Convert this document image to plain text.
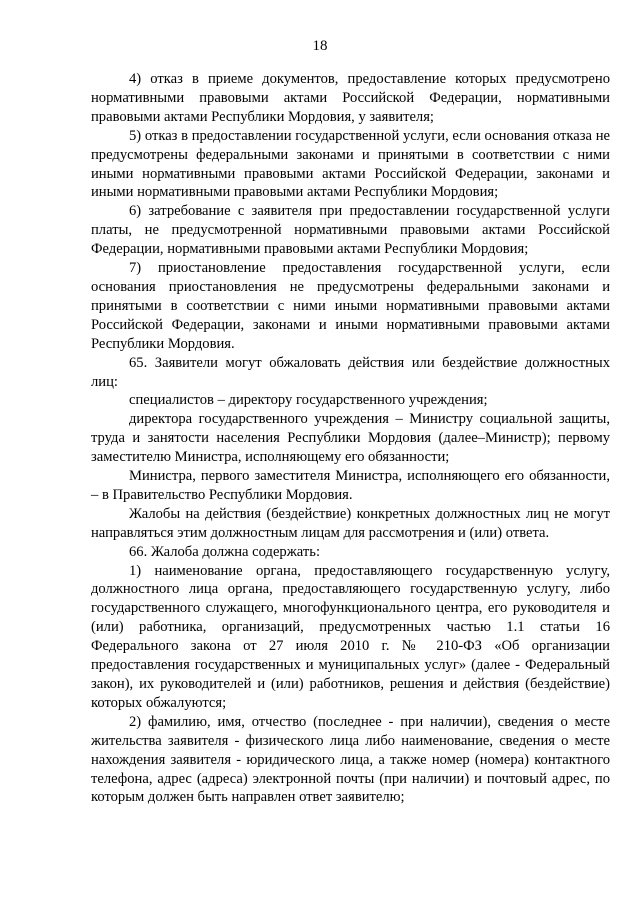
18

4) отказ в приеме документов, предоставление которых предусмотрено нормативными правовыми актами Российской Федерации, нормативными правовыми актами Республики Мордовия, у заявителя;

5) отказ в предоставлении государственной услуги, если основания отказа не предусмотрены федеральными законами и принятыми в соответствии с ними иными нормативными правовыми актами Российской Федерации, законами и иными нормативными правовыми актами Республики Мордовия;

6) затребование с заявителя при предоставлении государственной услуги платы, не предусмотренной нормативными правовыми актами Российской Федерации, нормативными правовыми актами Республики Мордовия;

7) приостановление предоставления государственной услуги, если основания приостановления не предусмотрены федеральными законами и принятыми в соответствии с ними иными нормативными правовыми актами Российской Федерации, законами и иными нормативными правовыми актами Республики Мордовия.

65. Заявители могут обжаловать действия или бездействие должностных лиц:

специалистов – директору государственного учреждения;

директора государственного учреждения – Министру социальной защиты, труда и занятости населения Республики Мордовия (далее–Министр); первому заместителю Министра, исполняющему его обязанности;

Министра, первого заместителя Министра, исполняющего его обязанности, – в Правительство Республики Мордовия.

Жалобы на действия (бездействие) конкретных должностных лиц не могут направляться этим должностным лицам для рассмотрения и (или) ответа.

66. Жалоба должна содержать:

1) наименование органа, предоставляющего государственную услугу, должностного лица органа, предоставляющего государственную услугу, либо государственного служащего, многофункционального центра, его руководителя и (или) работника, организаций, предусмотренных частью 1.1 статьи 16 Федерального закона от 27 июля 2010 г. № 210-ФЗ «Об организации предоставления государственных и муниципальных услуг» (далее - Федеральный закон), их руководителей и (или) работников, решения и действия (бездействие) которых обжалуются;

2) фамилию, имя, отчество (последнее - при наличии), сведения о месте жительства заявителя - физического лица либо наименование, сведения о месте нахождения заявителя - юридического лица, а также номер (номера) контактного телефона, адрес (адреса) электронной почты (при наличии) и почтовый адрес, по которым должен быть направлен ответ заявителю;
